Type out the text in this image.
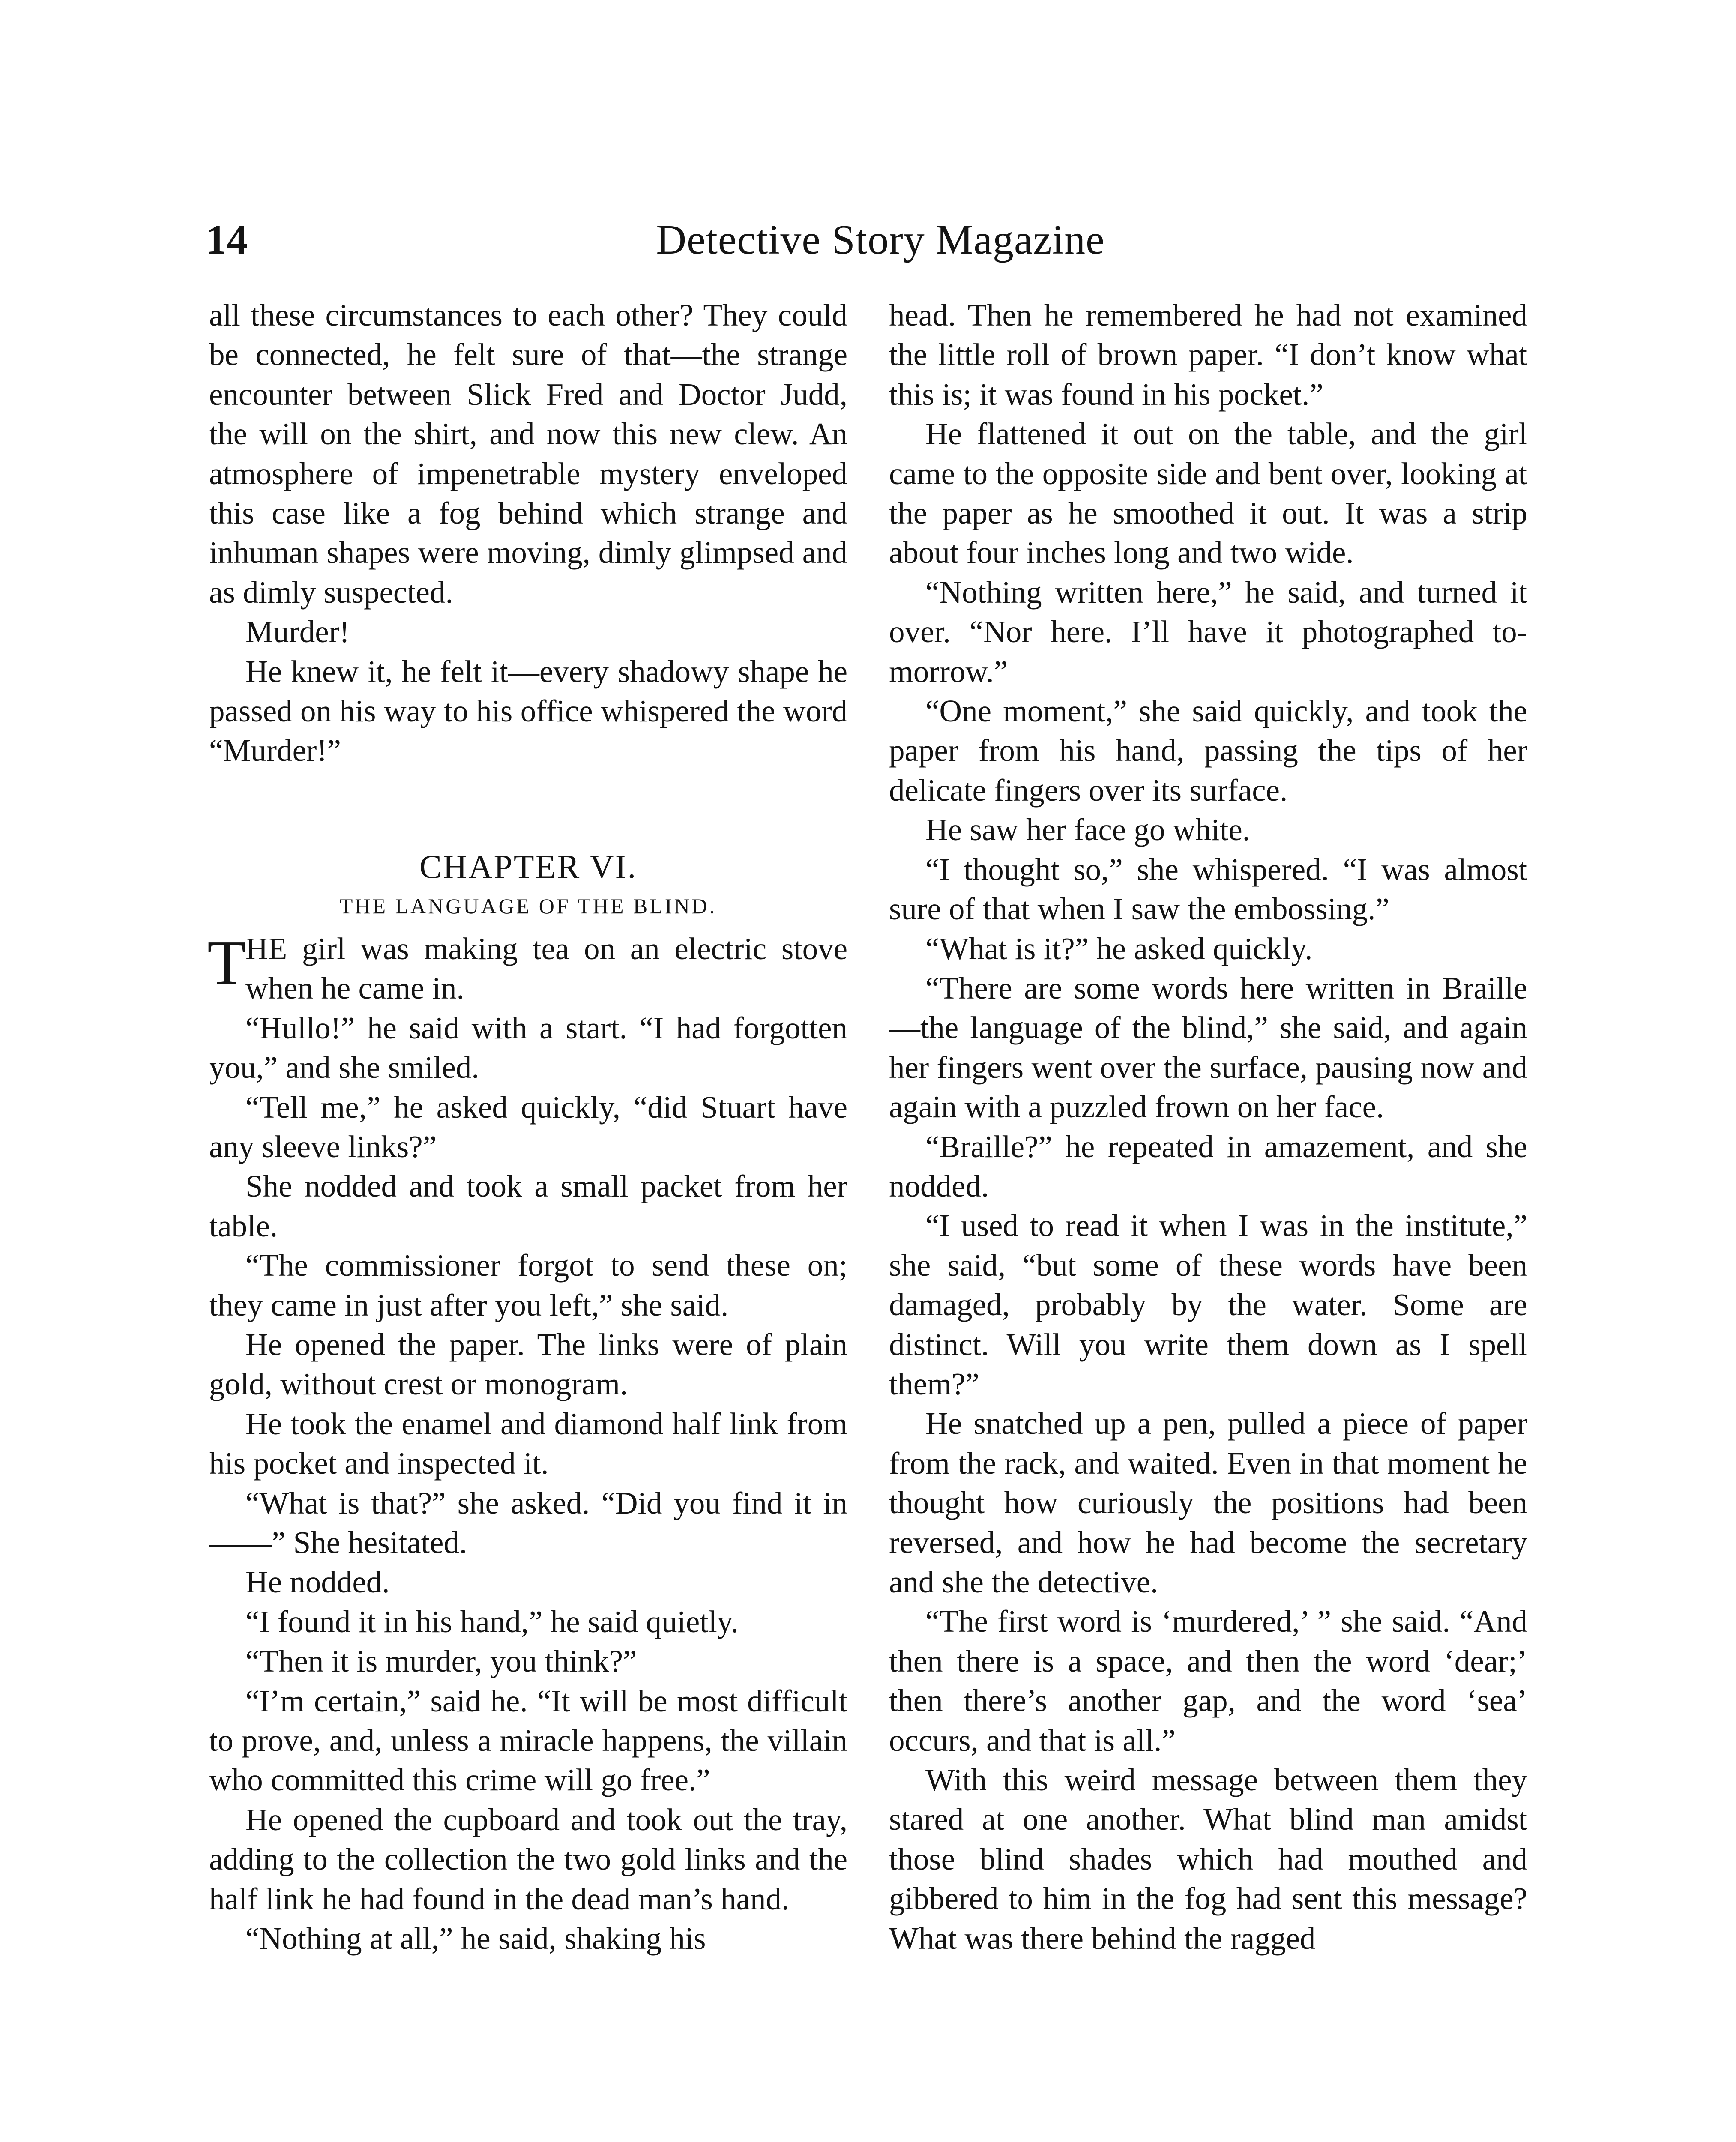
14	Detective Story Magazine

all these circumstances to each other? They could be connected, he felt sure of that—the strange encounter between Slick Fred and Doctor Judd, the will on the shirt, and now this new clew. An atmosphere of impenetrable mystery enveloped this case like a fog behind which strange and inhuman shapes were moving, dimly glimpsed and as dimly suspected.

Murder!

He knew it, he felt it—every shadowy shape he passed on his way to his office whispered the word “Murder!”

CHAPTER VI.
THE LANGUAGE OF THE BLIND.

T
HE girl was making tea on an electric stove when he came in.

“Hullo!” he said with a start. “I had forgotten you,” and she smiled.

“Tell me,” he asked quickly, “did Stuart have any sleeve links?”

She nodded and took a small packet from her table.

“The commissioner forgot to send these on; they came in just after you left,” she said.

He opened the paper. The links were of plain gold, without crest or monogram.

He took the enamel and diamond half link from his pocket and inspected it.

“What is that?” she asked. “Did you find it in——” She hesitated.

He nodded.

“I found it in his hand,” he said quietly.

“Then it is murder, you think?”

“I’m certain,” said he. “It will be most difficult to prove, and, unless a miracle happens, the villain who committed this crime will go free.”

He opened the cupboard and took out the tray, adding to the collection the two gold links and the half link he had found in the dead man’s hand.

“Nothing at all,” he said, shaking his

head. Then he remembered he had not examined the little roll of brown paper. “I don’t know what this is; it was found in his pocket.”

He flattened it out on the table, and the girl came to the opposite side and bent over, looking at the paper as he smoothed it out. It was a strip about four inches long and two wide.

“Nothing written here,” he said, and turned it over. “Nor here. I’ll have it photographed to-morrow.”

“One moment,” she said quickly, and took the paper from his hand, passing the tips of her delicate fingers over its surface.

He saw her face go white.

“I thought so,” she whispered. “I was almost sure of that when I saw the embossing.”

“What is it?” he asked quickly.

“There are some words here written in Braille—the language of the blind,” she said, and again her fingers went over the surface, pausing now and again with a puzzled frown on her face.

“Braille?” he repeated in amazement, and she nodded.

“I used to read it when I was in the institute,” she said, “but some of these words have been damaged, probably by the water. Some are distinct. Will you write them down as I spell them?”

He snatched up a pen, pulled a piece of paper from the rack, and waited. Even in that moment he thought how curiously the positions had been reversed, and how he had become the secretary and she the detective.

“The first word is ‘murdered,’ ” she said. “And then there is a space, and then the word ‘dear;’ then there’s another gap, and the word ‘sea’ occurs, and that is all.”

With this weird message between them they stared at one another. What blind man amidst those blind shades which had mouthed and gibbered to him in the fog had sent this message? What was there behind the ragged
